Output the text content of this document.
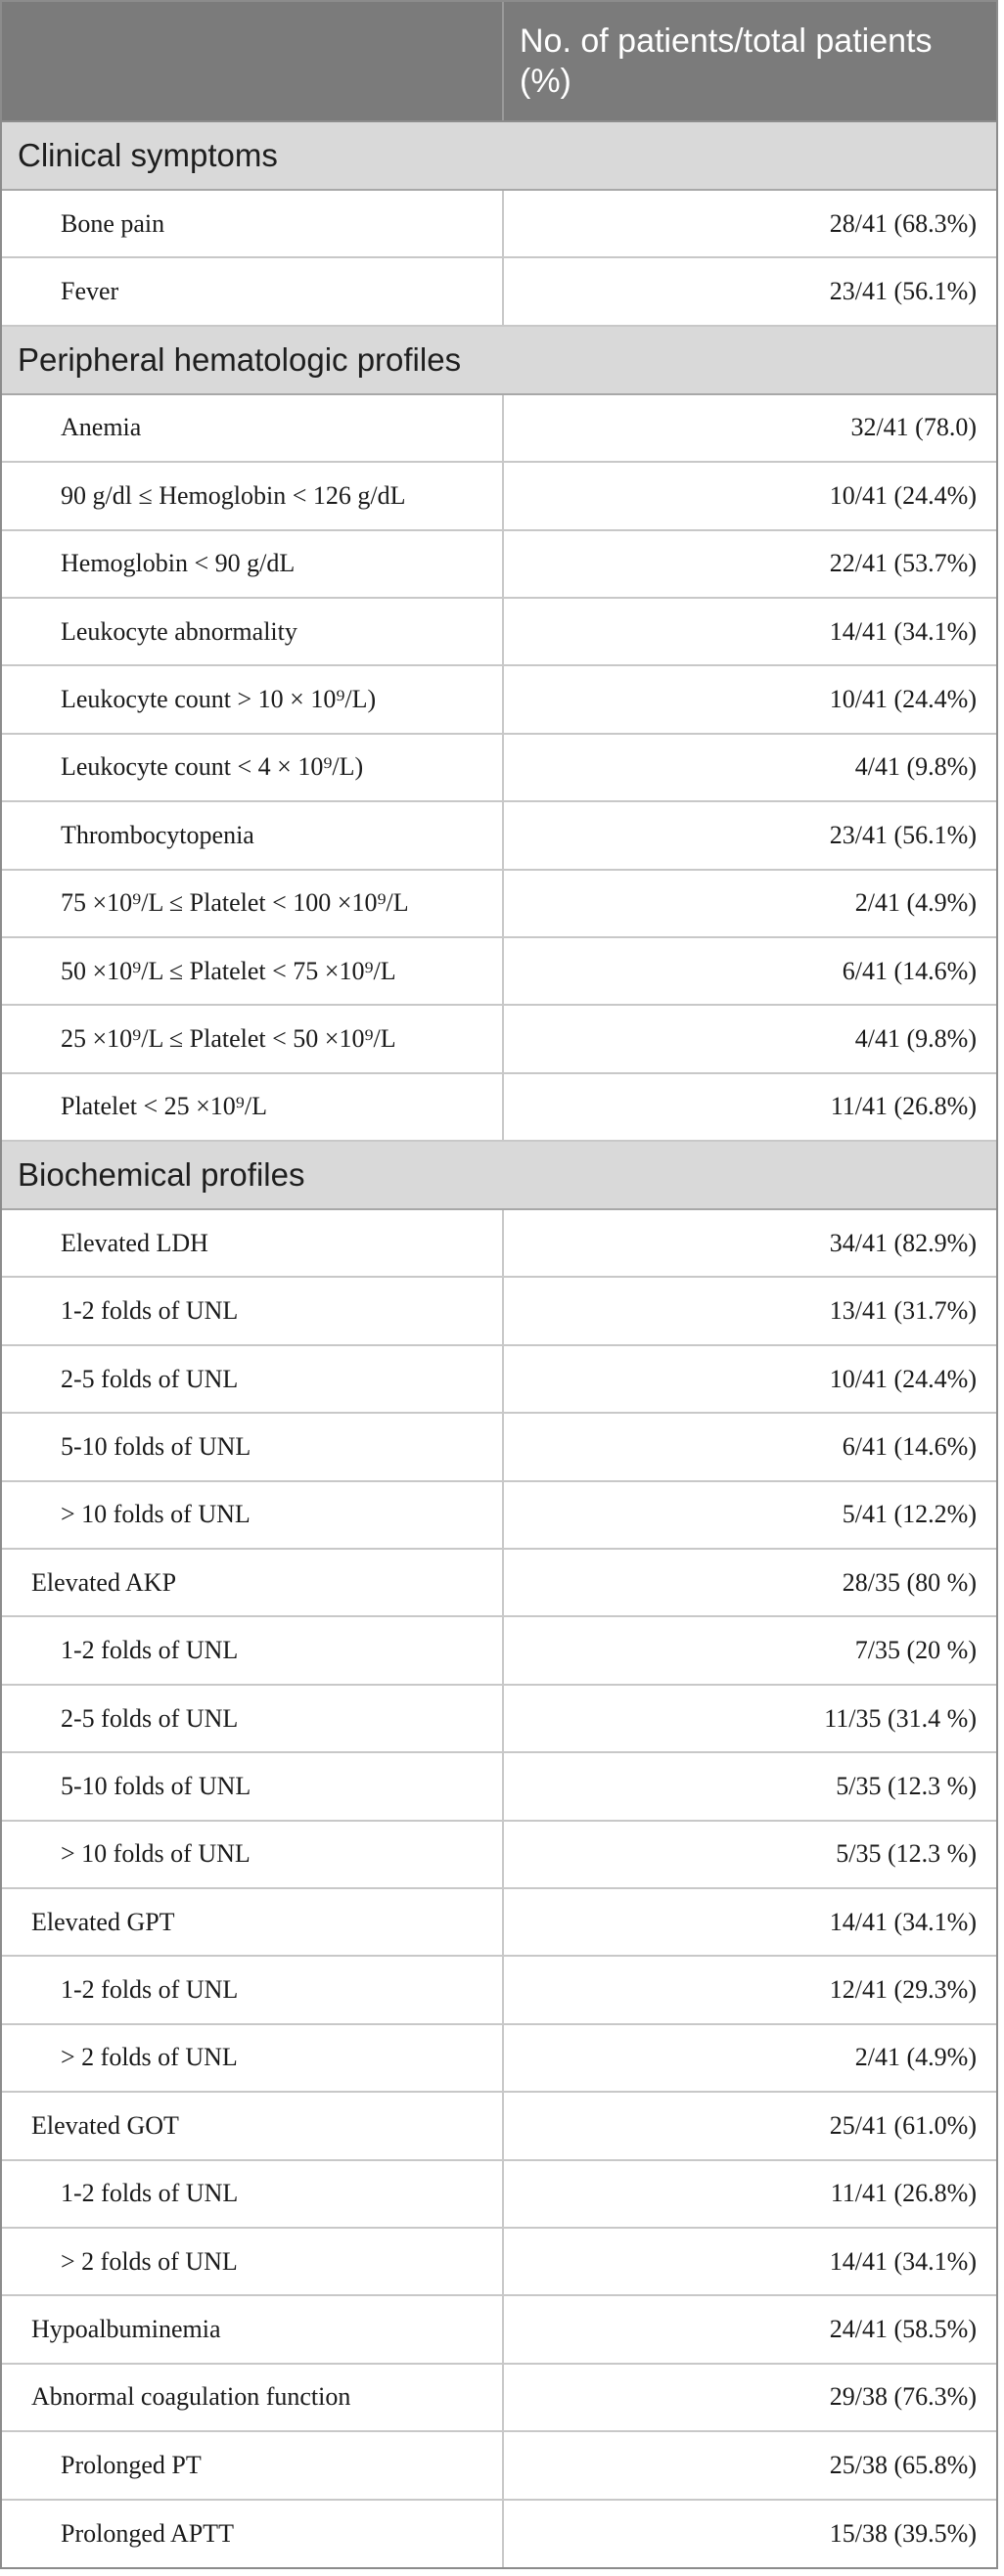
	No. of patients/total patients (%)
Clinical symptoms	
Bone pain	28/41 (68.3%)
Fever	23/41 (56.1%)
Peripheral hematologic profiles	
Anemia	32/41 (78.0)
90 g/dl ≤ Hemoglobin < 126 g/dL	10/41 (24.4%)
Hemoglobin < 90 g/dL	22/41 (53.7%)
Leukocyte abnormality	14/41 (34.1%)
Leukocyte count > 10 × 10⁹/L)	10/41 (24.4%)
Leukocyte count < 4 × 10⁹/L)	4/41 (9.8%)
Thrombocytopenia	23/41 (56.1%)
75 ×10⁹/L ≤ Platelet < 100 ×10⁹/L	2/41 (4.9%)
50 ×10⁹/L ≤ Platelet < 75 ×10⁹/L	6/41 (14.6%)
25 ×10⁹/L ≤ Platelet < 50 ×10⁹/L	4/41 (9.8%)
Platelet < 25 ×10⁹/L	11/41 (26.8%)
Biochemical profiles	
Elevated LDH	34/41 (82.9%)
1-2 folds of UNL	13/41 (31.7%)
2-5 folds of UNL	10/41 (24.4%)
5-10 folds of UNL	6/41 (14.6%)
> 10 folds of UNL	5/41 (12.2%)
Elevated AKP	28/35 (80 %)
1-2 folds of UNL	7/35 (20 %)
2-5 folds of UNL	11/35 (31.4 %)
5-10 folds of UNL	5/35 (12.3 %)
> 10 folds of UNL	5/35 (12.3 %)
Elevated GPT	14/41 (34.1%)
1-2 folds of UNL	12/41 (29.3%)
> 2 folds of UNL	2/41 (4.9%)
Elevated GOT	25/41 (61.0%)
1-2 folds of UNL	11/41 (26.8%)
> 2 folds of UNL	14/41 (34.1%)
Hypoalbuminemia	24/41 (58.5%)
Abnormal coagulation function	29/38 (76.3%)
Prolonged PT	25/38 (65.8%)
Prolonged APTT	15/38 (39.5%)
